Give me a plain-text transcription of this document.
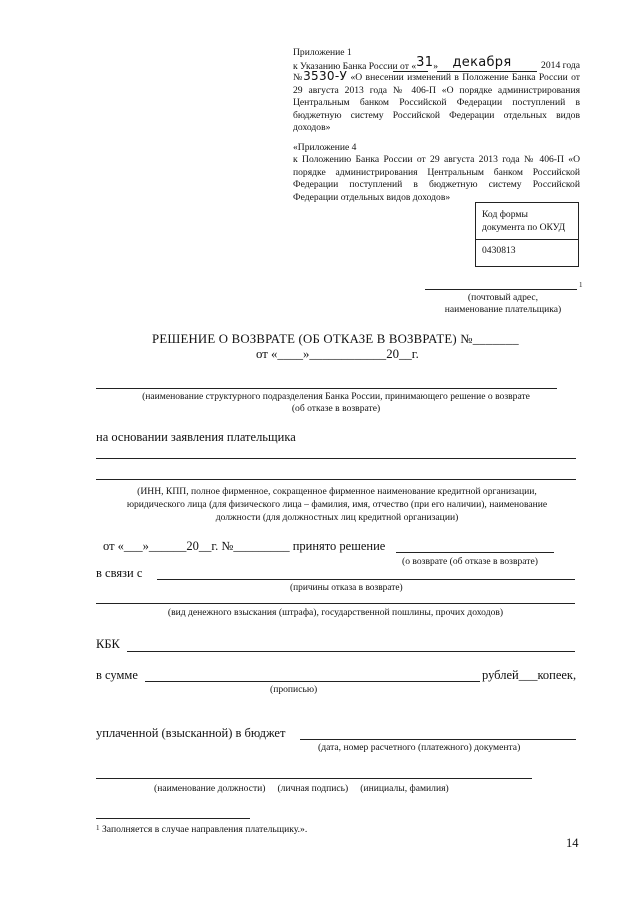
Приложение 1
к Указанию Банка России от «31» декабря	2014 года
№3530-У «О внесении изменений в Положение Банка России от 29 августа 2013 года № 406-П «О порядке администрирования Центральным банком Российской Федерации поступлений в бюджетную систему Российской Федерации отдельных видов доходов»
«Приложение 4
к Положению Банка России от 29 августа 2013 года № 406-П «О порядке администрирования Центральным банком Российской Федерации поступлений в бюджетную систему Российской Федерации отдельных видов доходов»
Код формы документа по ОКУД
0430813
1
(почтовый адрес,
наименование плательщика)
РЕШЕНИЕ О ВОЗВРАТЕ (ОБ ОТКАЗЕ В ВОЗВРАТЕ) №_______
от «____»____________20__г.
(наименование структурного подразделения Банка России, принимающего решение о возврате
(об отказе в возврате)
на основании заявления плательщика
(ИНН, КПП, полное фирменное, сокращенное фирменное наименование кредитной организации,
юридического лица (для физического лица – фамилия, имя, отчество (при его наличии), наименование
должности (для должностных лиц кредитной организации)
от «___»______20__г. №_________ принято решение
(о возврате (об отказе в возврате)
в связи с
(причины отказа в возврате)
(вид денежного взыскания (штрафа), государственной пошлины, прочих доходов)
КБК
в сумме	рублей___копеек,
(прописью)
уплаченной (взысканной) в бюджет
(дата, номер расчетного (платежного) документа)
(наименование должности)     (личная подпись)     (инициалы, фамилия)
1 Заполняется в случае направления плательщику.».
14
